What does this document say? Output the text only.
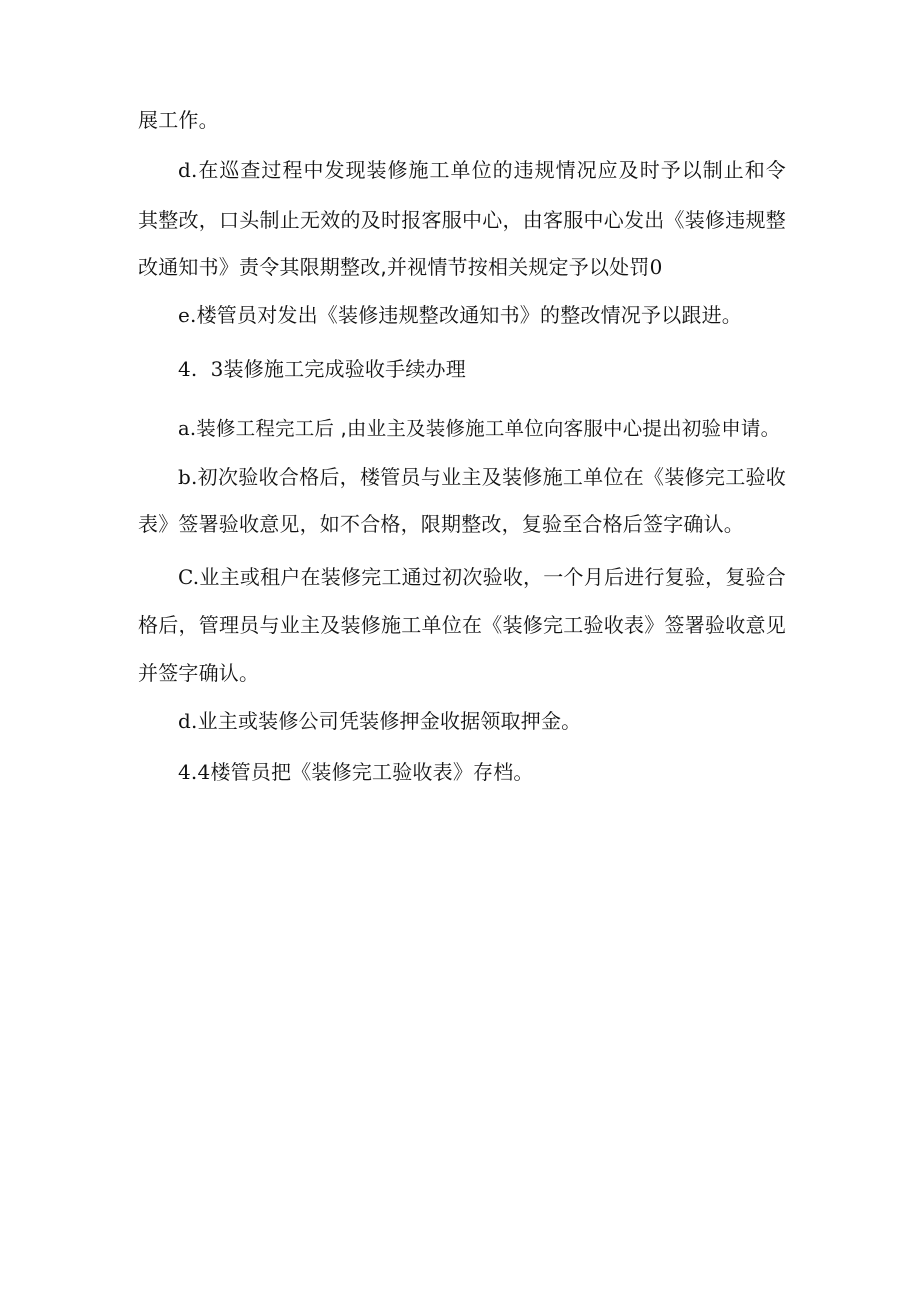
展工作。
d.在巡查过程中发现装修施工单位的违规情况应及时予以制止和令
其整改，口头制止无效的及时报客服中心，由客服中心发出《装修违规整
改通知书》责令其限期整改,并视情节按相关规定予以处罚0
e.楼管员对发出《装修违规整改通知书》的整改情况予以跟进。
4.  3装修施工完成验收手续办理
a.装修工程完工后 ,由业主及装修施工单位向客服中心提出初验申请。
b.初次验收合格后，楼管员与业主及装修施工单位在《装修完工验收
表》签署验收意见，如不合格，限期整改，复验至合格后签字确认。
C.业主或租户在装修完工通过初次验收，一个月后进行复验，复验合
格后，管理员与业主及装修施工单位在《装修完工验收表》签署验收意见
并签字确认。
d.业主或装修公司凭装修押金收据领取押金。
4.4楼管员把《装修完工验收表》存档。
